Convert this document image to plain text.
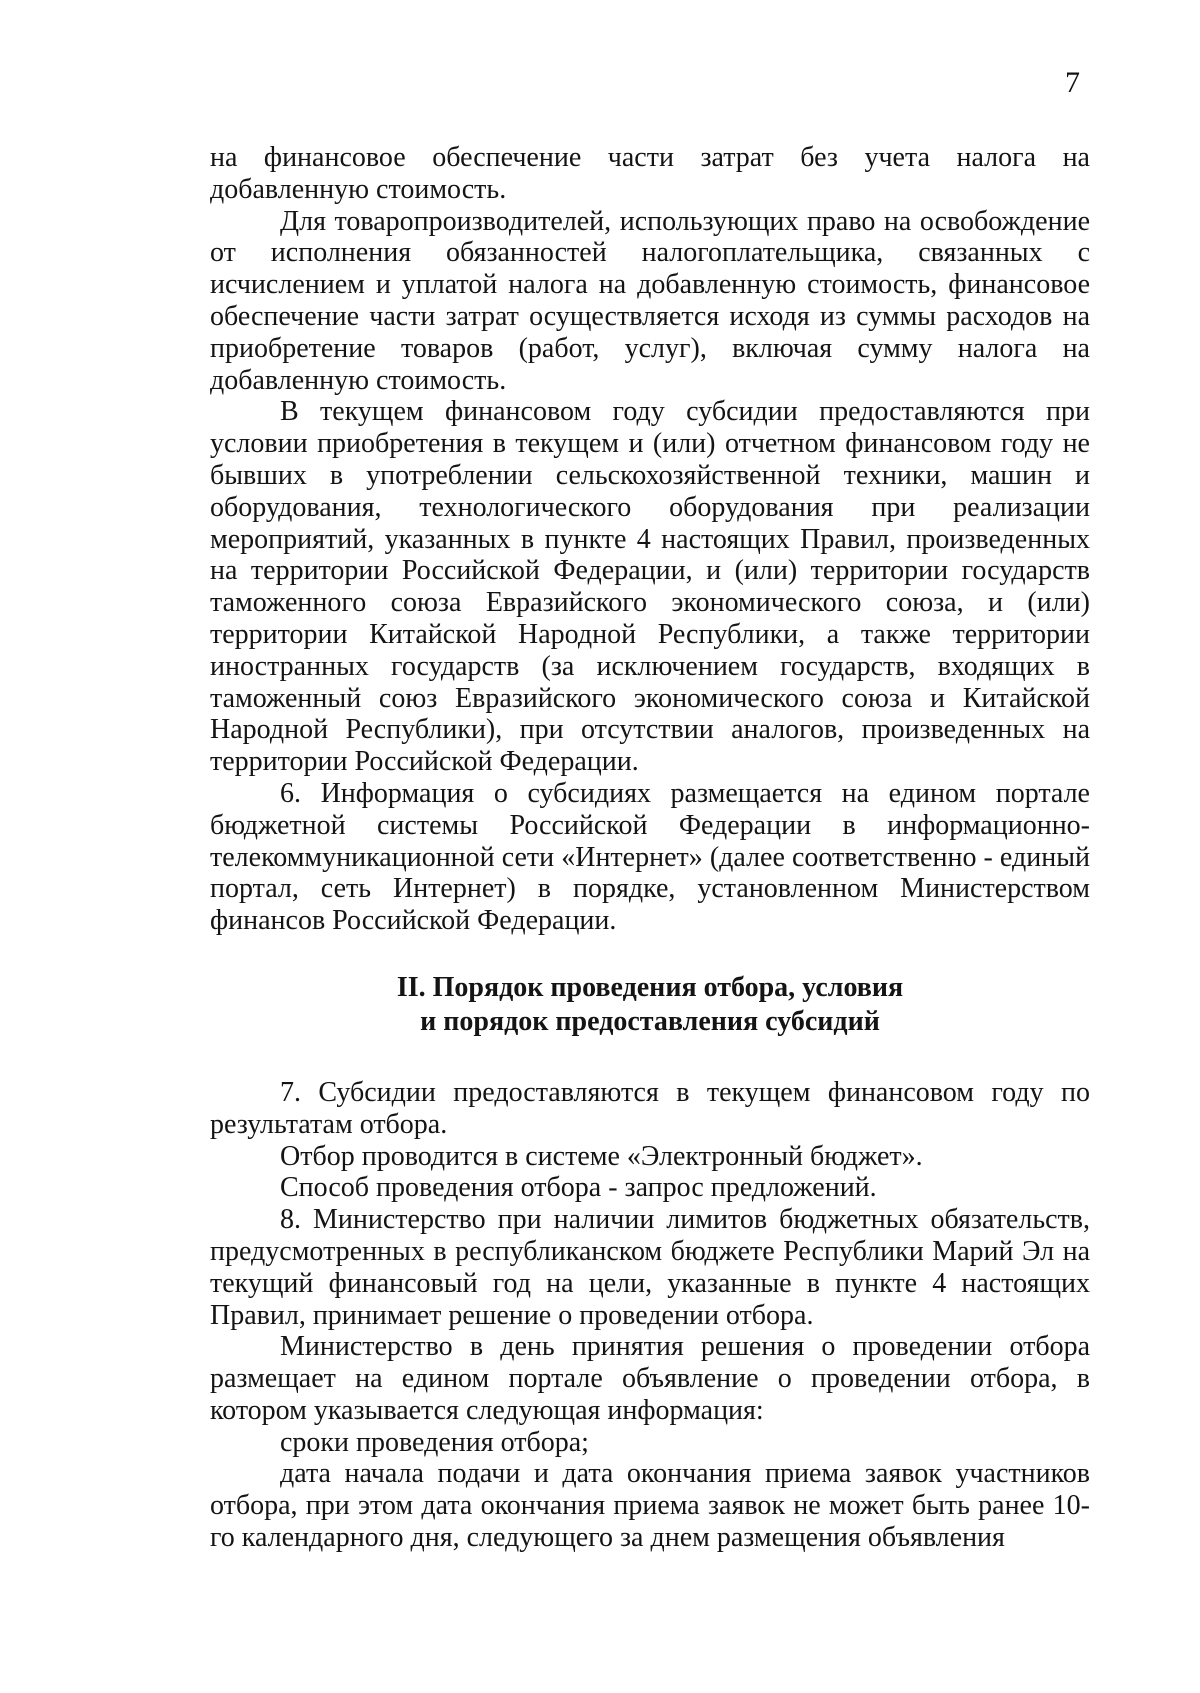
7

на финансовое обеспечение части затрат без учета налога на добавленную стоимость.

Для товаропроизводителей, использующих право на освобождение от исполнения обязанностей налогоплательщика, связанных с исчислением и уплатой налога на добавленную стоимость, финансовое обеспечение части затрат осуществляется исходя из суммы расходов на приобретение товаров (работ, услуг), включая сумму налога на добавленную стоимость.

В текущем финансовом году субсидии предоставляются при условии приобретения в текущем и (или) отчетном финансовом году не бывших в употреблении сельскохозяйственной техники, машин и оборудования, технологического оборудования при реализации мероприятий, указанных в пункте 4 настоящих Правил, произведенных на территории Российской Федерации, и (или) территории государств таможенного союза Евразийского экономического союза, и (или) территории Китайской Народной Республики, а также территории иностранных государств (за исключением государств, входящих в таможенный союз Евразийского экономического союза и Китайской Народной Республики), при отсутствии аналогов, произведенных на территории Российской Федерации.

6. Информация о субсидиях размещается на едином портале бюджетной системы Российской Федерации в информационно-телекоммуникационной сети «Интернет» (далее соответственно - единый портал, сеть Интернет) в порядке, установленном Министерством финансов Российской Федерации.

II. Порядок проведения отбора, условия
и порядок предоставления субсидий

7. Субсидии предоставляются в текущем финансовом году по результатам отбора.

Отбор проводится в системе «Электронный бюджет».

Способ проведения отбора - запрос предложений.

8. Министерство при наличии лимитов бюджетных обязательств, предусмотренных в республиканском бюджете Республики Марий Эл на текущий финансовый год на цели, указанные в пункте 4 настоящих Правил, принимает решение о проведении отбора.

Министерство в день принятия решения о проведении отбора размещает на едином портале объявление о проведении отбора, в котором указывается следующая информация:

сроки проведения отбора;

дата начала подачи и дата окончания приема заявок участников отбора, при этом дата окончания приема заявок не может быть ранее 10-го календарного дня, следующего за днем размещения объявления
